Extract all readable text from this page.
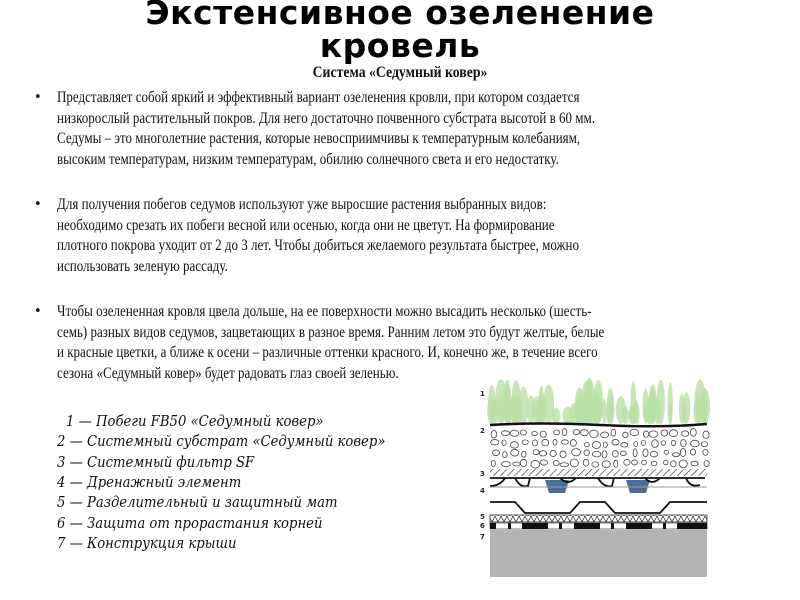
Экстенсивное озеленение
кровель
Система «Седумный ковер»
• Представляет собой яркий и эффективный вариант озеленения кровли, при котором создается
низкорослый растительный покров. Для него достаточно почвенного субстрата высотой в 60 мм.
Седумы – это многолетние растения, которые невосприимчивы к температурным колебаниям,
высоким температурам, низким температурам, обилию солнечного света и его недостатку.
• Для получения побегов седумов используют уже выросшие растения выбранных видов:
необходимо срезать их побеги весной или осенью, когда они не цветут. На формирование
плотного покрова уходит от 2 до 3 лет. Чтобы добиться желаемого результата быстрее, можно
использовать зеленую рассаду.
• Чтобы озелененная кровля цвела дольше, на ее поверхности можно высадить несколько (шесть-
семь) разных видов седумов, зацветающих в разное время. Ранним летом это будут желтые, белые
и красные цветки, а ближе к осени – различные оттенки красного. И, конечно же, в течение всего
сезона «Седумный ковер» будет радовать глаз своей зеленью.
1 — Побеги FB50 «Седумный ковер»
2 — Системный субстрат «Седумный ковер»
3 — Системный фильтр SF
4 — Дренажный элемент
5 — Разделительный и защитный мат
6 — Защита от прорастания корней
7 — Конструкция крыши
1
2
3
4
5
6
7
